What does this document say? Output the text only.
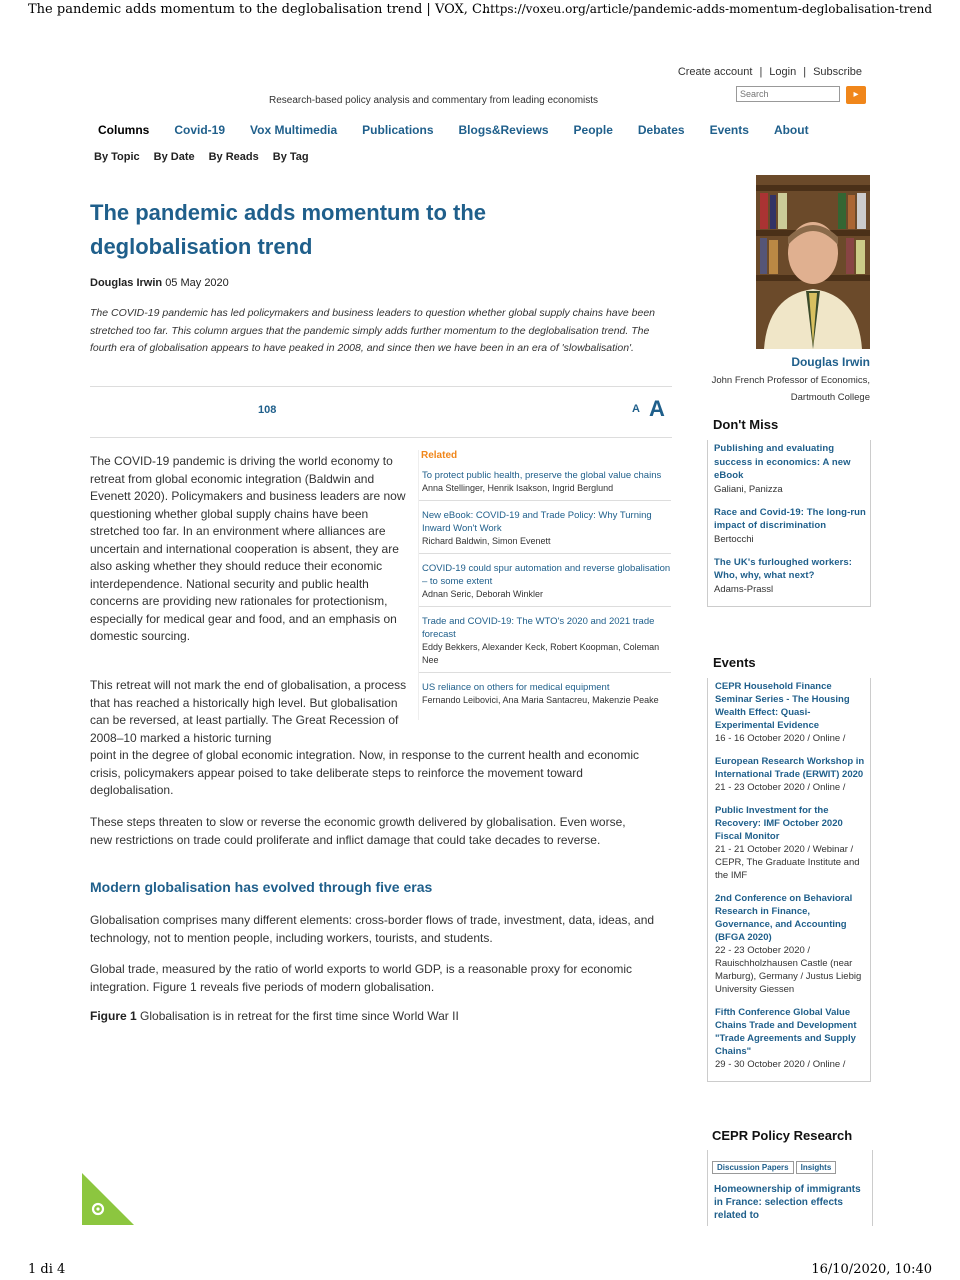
The pandemic adds momentum to the deglobalisation trend | VOX, C...
https://voxeu.org/article/pandemic-adds-momentum-deglobalisation-trend
1 di 4	16/10/2020, 10:40
Create account | Login | Subscribe
Research-based policy analysis and commentary from leading economists
Search
▸
Columns Covid-19 Vox Multimedia Publications Blogs&Reviews People Debates Events About
By Topic By Date By Reads By Tag
The pandemic adds momentum to the deglobalisation trend
Douglas Irwin 05 May 2020
The COVID-19 pandemic has led policymakers and business leaders to question whether global supply chains have been stretched too far. This column argues that the pandemic simply adds further momentum to the deglobalisation trend. The fourth era of globalisation appears to have peaked in 2008, and since then we have been in an era of 'slowbalisation'.
108	A A

The COVID-19 pandemic is driving the world economy to retreat from global economic integration (Baldwin and Evenett 2020). Policymakers and business leaders are now questioning whether global supply chains have been stretched too far. In an environment where alliances are uncertain and international cooperation is absent, they are also asking whether they should reduce their economic interdependence. National security and public health concerns are providing new rationales for protectionism, especially for medical gear and food, and an emphasis on domestic sourcing.

This retreat will not mark the end of globalisation, a process that has reached a historically high level. But globalisation can be reversed, at least partially. The Great Recession of 2008–10 marked a historic turning
point in the degree of global economic integration. Now, in response to the current health and economic crisis, policymakers appear poised to take deliberate steps to reinforce the movement toward deglobalisation.

These steps threaten to slow or reverse the economic growth delivered by globalisation. Even worse, new restrictions on trade could proliferate and inflict damage that could take decades to reverse.

Modern globalisation has evolved through five eras

Globalisation comprises many different elements: cross-border flows of trade, investment, data, ideas, and technology, not to mention people, including workers, tourists, and students.

Global trade, measured by the ratio of world exports to world GDP, is a reasonable proxy for economic integration. Figure 1 reveals five periods of modern globalisation.

Figure 1 Globalisation is in retreat for the first time since World War II
Related
To protect public health, preserve the global value chains
Anna Stellinger, Henrik Isakson, Ingrid Berglund
New eBook: COVID-19 and Trade Policy: Why Turning Inward Won't Work
Richard Baldwin, Simon Evenett
COVID-19 could spur automation and reverse globalisation – to some extent
Adnan Seric, Deborah Winkler
Trade and COVID-19: The WTO's 2020 and 2021 trade forecast
Eddy Bekkers, Alexander Keck, Robert Koopman, Coleman Nee
US reliance on others for medical equipment
Fernando Leibovici, Ana Maria Santacreu, Makenzie Peake
Douglas Irwin
John French Professor of Economics, Dartmouth College
Don't Miss
Publishing and evaluating success in economics: A new eBook
Galiani, Panizza
Race and Covid-19: The long-run impact of discrimination
Bertocchi
The UK's furloughed workers: Who, why, what next?
Adams-Prassl
Events
CEPR Household Finance Seminar Series - The Housing Wealth Effect: Quasi-Experimental Evidence
16 - 16 October 2020 / Online /
European Research Workshop in International Trade (ERWIT) 2020
21 - 23 October 2020 / Online /
Public Investment for the Recovery: IMF October 2020 Fiscal Monitor
21 - 21 October 2020 / Webinar / CEPR, The Graduate Institute and the IMF
2nd Conference on Behavioral Research in Finance, Governance, and Accounting (BFGA 2020)
22 - 23 October 2020 / Rauischholzhausen Castle (near Marburg), Germany / Justus Liebig University Giessen
Fifth Conference Global Value Chains Trade and Development "Trade Agreements and Supply Chains"
29 - 30 October 2020 / Online /
CEPR Policy Research
Discussion Papers Insights
Homeownership of immigrants in France: selection effects related to
